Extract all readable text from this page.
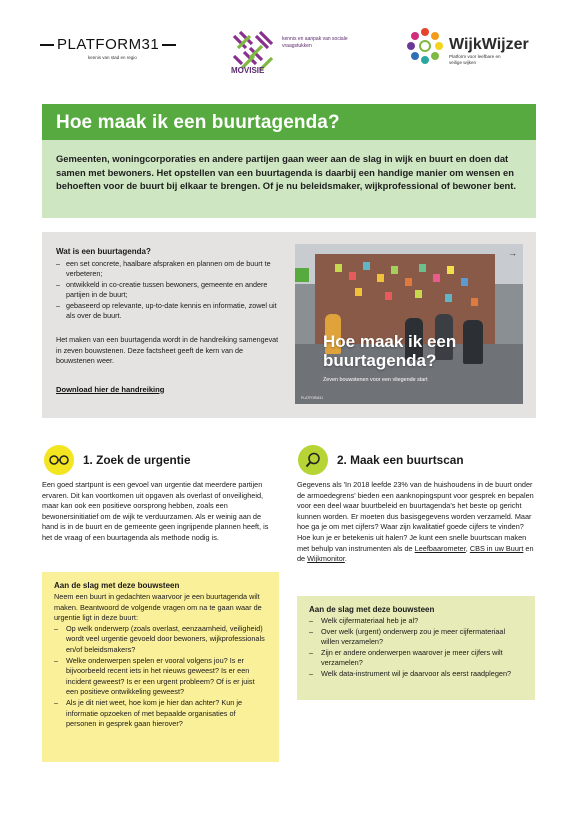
PLATFORM31
kennis van stad en regio
MOVISIE
kennis en aanpak van sociale vraagstukken	WijkWijzer
Platform voor leefbare en veilige wijken
Hoe maak ik een buurtagenda?

Gemeenten, woningcorporaties en andere partijen gaan weer aan de slag in wijk en buurt en doen dat samen met bewoners. Het opstellen van een buurtagenda is daarbij een handige manier om wensen en behoeften voor de buurt bij elkaar te brengen. Of je nu beleidsmaker, wijkprofessional of bewoner bent.

Wat is een buurtagenda?
– een set concrete, haalbare afspraken en plannen om de buurt te verbeteren;
– ontwikkeld in co-creatie tussen bewoners, gemeente en andere partijen in de buurt;
– gebaseerd op relevante, up-to-date kennis en informatie, zowel uit als over de buurt.

Het maken van een buurtagenda wordt in de handreiking samengevat in zeven bouwstenen. Deze factsheet geeft de kern van de bouwstenen weer.

Download hier de handreiking
→
Hoe maak ik een
buurtagenda?
Zeven bouwstenen voor een vliegende start
PLATFORM31
1. Zoek de urgentie

Een goed startpunt is een gevoel van urgentie dat meerdere partijen ervaren. Dit kan voortkomen uit opgaven als overlast of onveiligheid, maar kan ook een positieve oorsprong hebben, zoals een bewonersinitiatief om de wijk te verduurzamen. Als er weinig aan de hand is in de buurt en de gemeente geen ingrijpende plannen heeft, is het de vraag of een buurtagenda als methode nodig is.

Aan de slag met deze bouwsteen

Neem een buurt in gedachten waarvoor je een buurtagenda wilt maken. Beantwoord de volgende vragen om na te gaan waar de urgentie ligt in deze buurt:

– Op welk onderwerp (zoals overlast, eenzaamheid, veiligheid) wordt veel urgentie gevoeld door bewoners, wijkprofessionals en/of beleidsmakers?
– Welke onderwerpen spelen er vooral volgens jou? Is er bijvoorbeeld recent iets in het nieuws geweest? Is er een incident geweest? Is er een urgent probleem? Of is er juist een positieve ontwikkeling geweest?
– Als je dit niet weet, hoe kom je hier dan achter? Kun je informatie opzoeken of met bepaalde organisaties of personen in gesprek gaan hierover?
2. Maak een buurtscan

Gegevens als 'In 2018 leefde 23% van de huishoudens in de buurt onder de armoedegrens' bieden een aanknopingspunt voor gesprek en bepalen voor een deel waar buurtbeleid en buurtagenda's het beste op gericht kunnen worden. Er moeten dus basisgegevens worden verzameld. Maar hoe ga je om met cijfers? Waar zijn kwalitatief goede cijfers te vinden? Hoe kun je er betekenis uit halen? Je kunt een snelle buurtscan maken met behulp van instrumenten als de Leefbaarometer, CBS in uw Buurt en de Wijkmonitor.

Aan de slag met deze bouwsteen
– Welk cijfermateriaal heb je al?
– Over welk (urgent) onderwerp zou je meer cijfermateriaal willen verzamelen?
– Zijn er andere onderwerpen waarover je meer cijfers wilt verzamelen?
– Welk data-instrument wil je daarvoor als eerst raadplegen?
